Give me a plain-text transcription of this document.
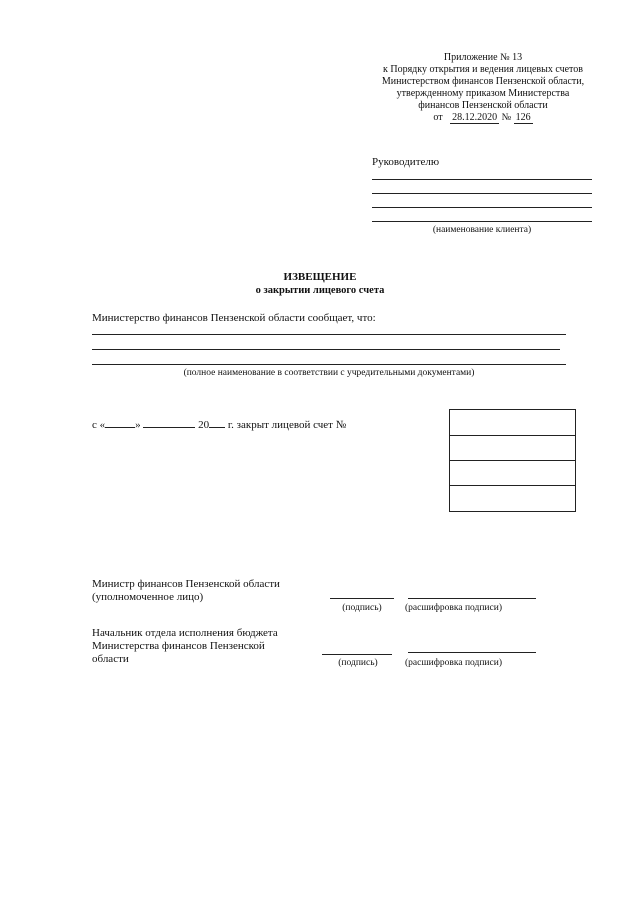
Приложение № 13
к Порядку открытия и ведения лицевых счетов
Министерством финансов Пензенской области,
утвержденному приказом Министерства
финансов Пензенской области
от 28.12.2020 № 126
Руководителю
(наименование клиента)
ИЗВЕЩЕНИЕ
о закрытии лицевого счета
Министерство финансов Пензенской области сообщает, что:
(полное наименование в соответствии с учредительными документами)
с «	»	20 г. закрыт лицевой счет №
Министр финансов Пензенской области
(уполномоченное лицо)
(подпись)	(расшифровка подписи)
Начальник отдела исполнения бюджета
Министерства финансов Пензенской
области	(подпись)	(расшифровка подписи)
